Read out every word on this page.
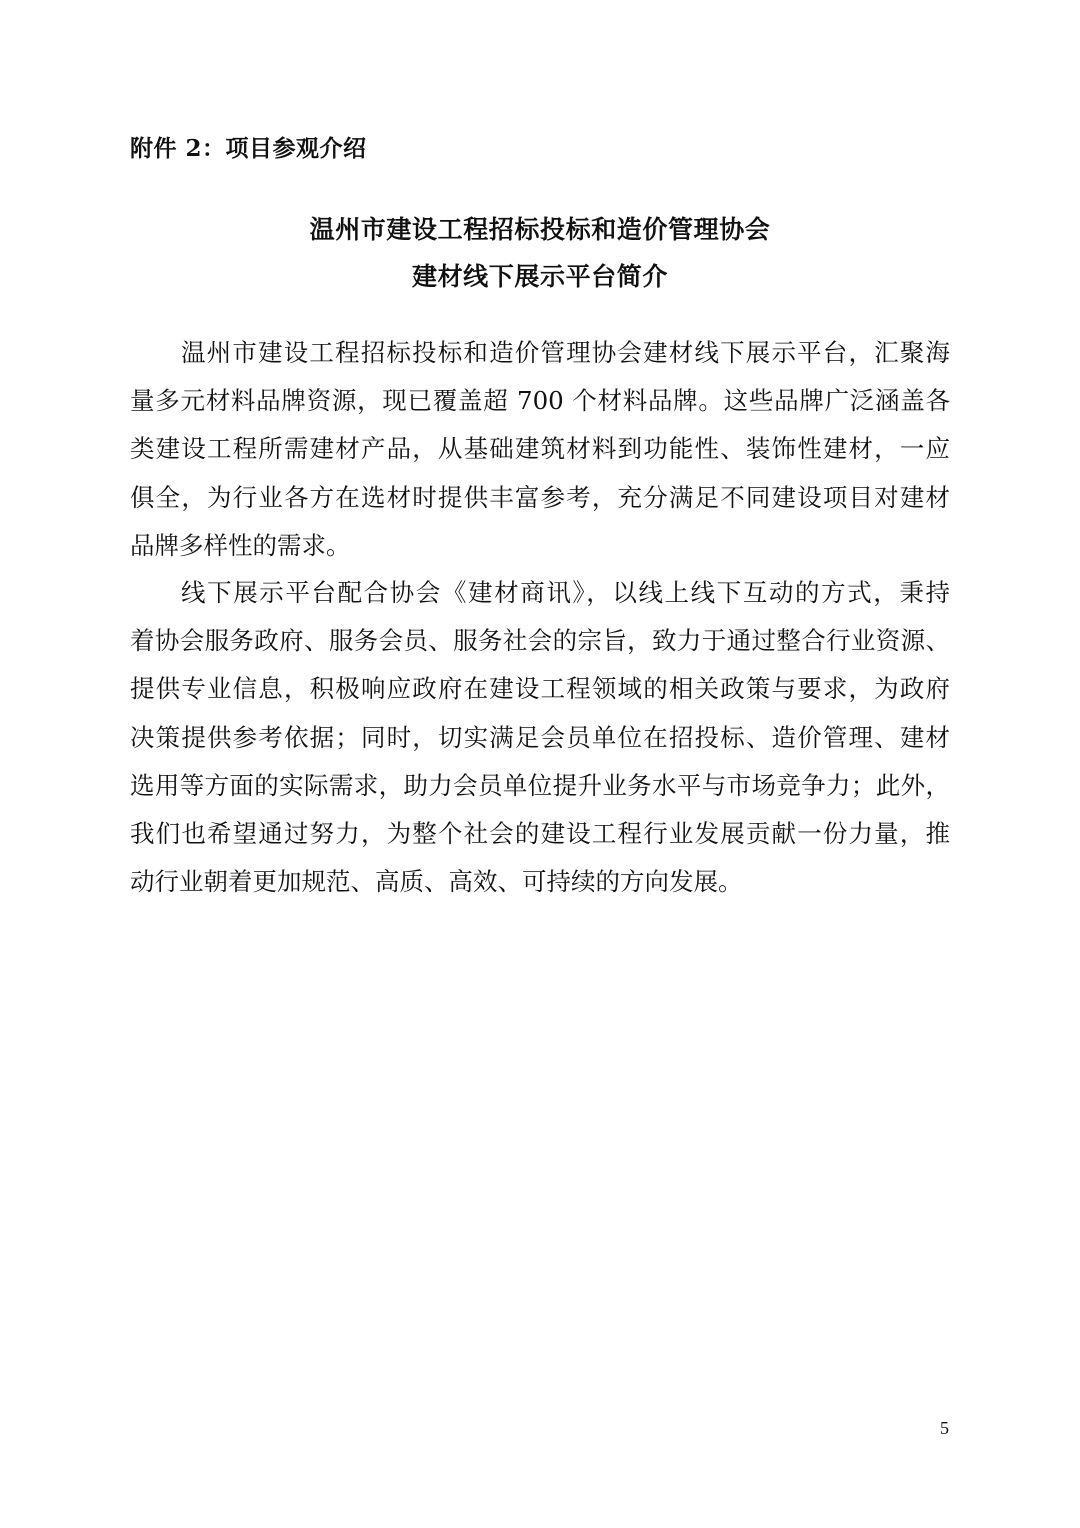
附件 2：项目参观介绍
温州市建设工程招标投标和造价管理协会
建材线下展示平台简介
温州市建设工程招标投标和造价管理协会建材线下展示平台，汇聚海
量多元材料品牌资源，现已覆盖超 700 个材料品牌。这些品牌广泛涵盖各
类建设工程所需建材产品，从基础建筑材料到功能性、装饰性建材，一应
俱全，为行业各方在选材时提供丰富参考，充分满足不同建设项目对建材
品牌多样性的需求。
线下展示平台配合协会《建材商讯》，以线上线下互动的方式，秉持
着协会服务政府、服务会员、服务社会的宗旨，致力于通过整合行业资源、
提供专业信息，积极响应政府在建设工程领域的相关政策与要求，为政府
决策提供参考依据；同时，切实满足会员单位在招投标、造价管理、建材
选用等方面的实际需求，助力会员单位提升业务水平与市场竞争力；此外，
我们也希望通过努力，为整个社会的建设工程行业发展贡献一份力量，推
动行业朝着更加规范、高质、高效、可持续的方向发展。
5
